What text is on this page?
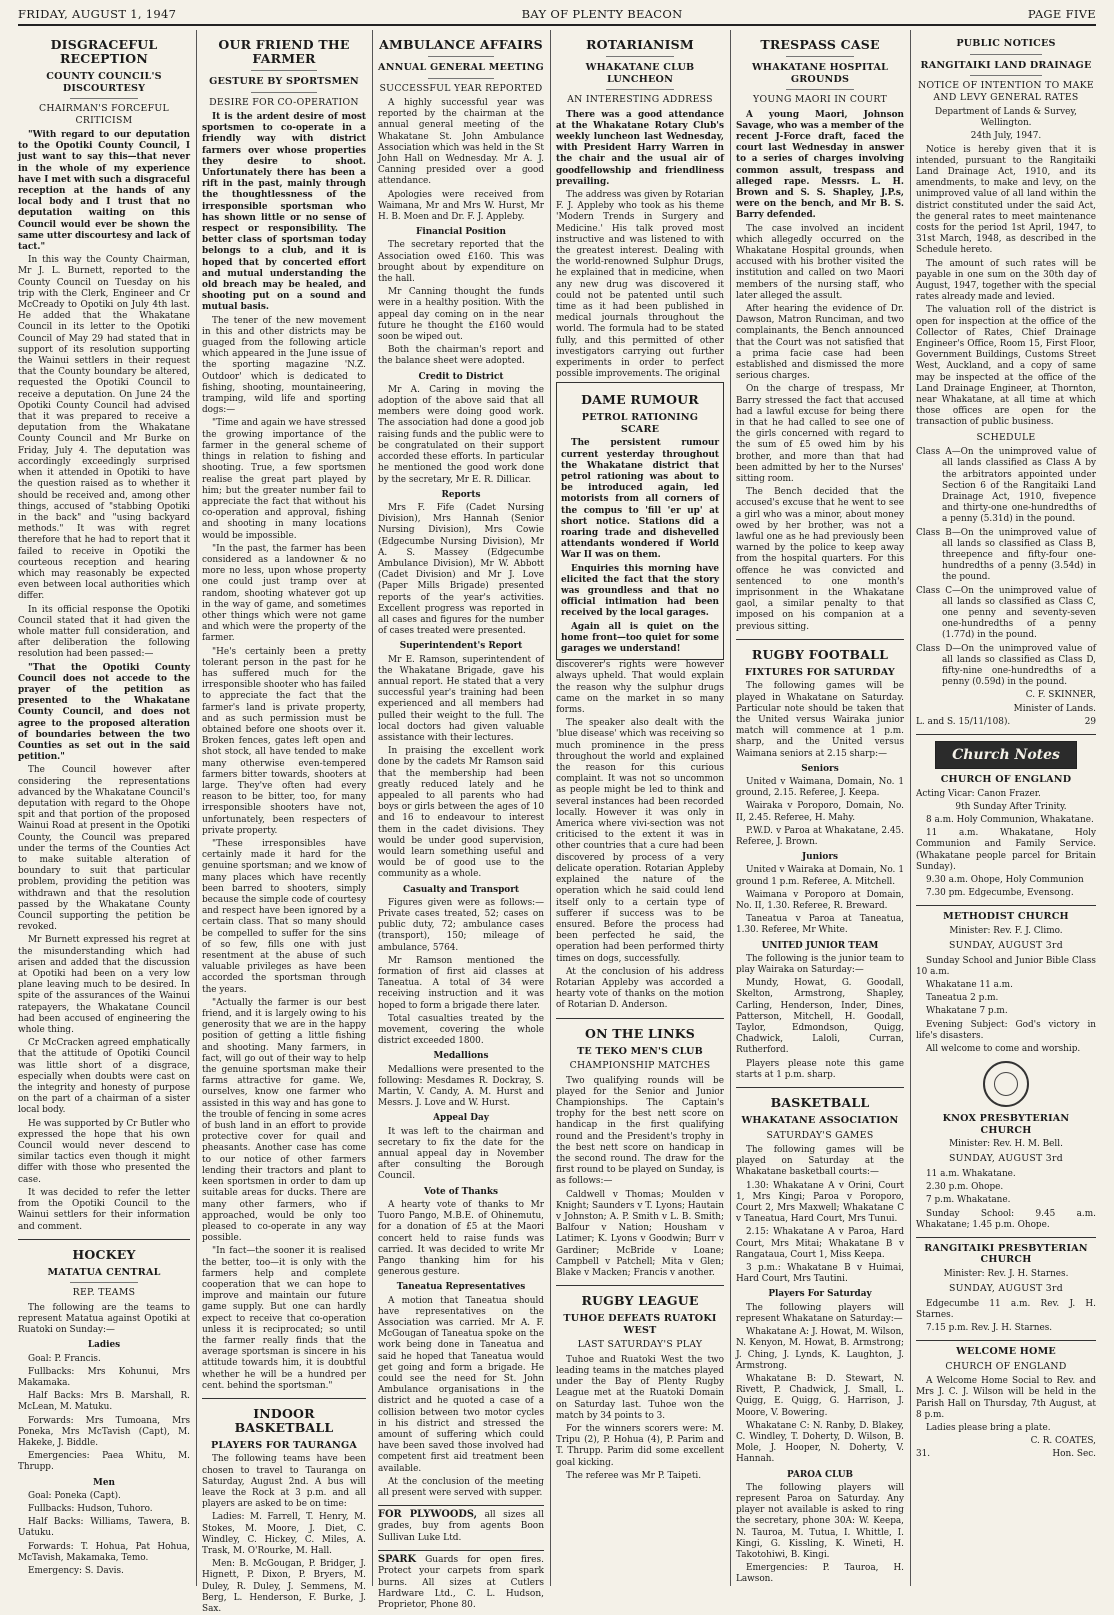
FRIDAY, AUGUST 1, 1947	BAY OF PLENTY BEACON	PAGE FIVE
DISGRACEFUL RECEPTION
COUNTY COUNCIL'S DISCOURTESY
CHAIRMAN'S FORCEFUL CRITICISM

"With regard to our deputation to the Opotiki County Council, I just want to say this—that never in the whole of my experience have I met with such a disgraceful reception at the hands of any local body and I trust that no deputation waiting on this Council would ever be shown the same utter discourtesy and lack of tact."

In this way the County Chairman, Mr J. L. Burnett, reported to the County Council on Tuesday on his trip with the Clerk, Engineer and Cr McCready to Opotiki on July 4th last. He added that the Whakatane Council in its letter to the Opotiki Council of May 29 had stated that in support of its resolution supporting the Wainui settlers in their request that the County boundary be altered, requested the Opotiki Council to receive a deputation. On June 24 the Opotiki County Council had advised that it was prepared to receive a deputation from the Whakatane County Council and Mr Burke on Friday, July 4. The deputation was accordingly exceedingly surprised when it attended in Opotiki to have the question raised as to whether it should be received and, among other things, accused of "stabbing Opotiki in the back" and "using backyard methods." It was with regret therefore that he had to report that it failed to receive in Opotiki the courteous reception and hearing which may reasonably be expected even between local authorities which differ.

In its official response the Opotiki Council stated that it had given the whole matter full consideration, and after deliberation the following resolution had been passed:—

"That the Opotiki County Council does not accede to the prayer of the petition as presented to the Whakatane County Council, and does not agree to the proposed alteration of boundaries between the two Counties as set out in the said petition."

The Council however after considering the representations advanced by the Whakatane Council's deputation with regard to the Ohope spit and that portion of the proposed Wainui Road at present in the Opotiki County, the Council was prepared under the terms of the Counties Act to make suitable alteration of boundary to suit that particular problem, providing the petition was withdrawn and that the resolution passed by the Whakatane County Council supporting the petition be revoked.

Mr Burnett expressed his regret at the misunderstanding which had arisen and added that the discussion at Opotiki had been on a very low plane leaving much to be desired. In spite of the assurances of the Wainui ratepayers, the Whakatane Council had been accused of engineering the whole thing.

Cr McCracken agreed emphatically that the attitude of Opotiki Council was little short of a disgrace, especially when doubts were cast on the integrity and honesty of purpose on the part of a chairman of a sister local body.

He was supported by Cr Butler who expressed the hope that his own Council would never descend to similar tactics even though it might differ with those who presented the case.

It was decided to refer the letter from the Opotiki Council to the Wainui settlers for their information and comment.

HOCKEY
MATATUA CENTRAL
REP. TEAMS

The following are the teams to represent Matatua against Opotiki at Ruatoki on Sunday:—

Ladies

Goal: P. Francis.

Fullbacks: Mrs Kohunui, Mrs Makamaka.

Half Backs: Mrs B. Marshall, R. McLean, M. Matuku.

Forwards: Mrs Tumoana, Mrs Poneka, Mrs McTavish (Capt), M. Hakeke, J. Biddle.

Emergencies: Paea Whitu, M. Thrupp.

Men

Goal: Poneka (Capt).

Fullbacks: Hudson, Tuhoro.

Half Backs: Williams, Tawera, B. Uatuku.

Forwards: T. Hohua, Pat Hohua, McTavish, Makamaka, Temo.

Emergency: S. Davis.

OUR FRIEND THE FARMER
GESTURE BY SPORTSMEN
DESIRE FOR CO-OPERATION

It is the ardent desire of most sportsmen to co-operate in a friendly way with district farmers over whose properties they desire to shoot. Unfortunately there has been a rift in the past, mainly through the thoughtlessness of the irresponsible sportsman who has shown little or no sense of respect or responsibility. The better class of sportsman today belongs to a club, and it is hoped that by concerted effort and mutual understanding the old breach may be healed, and shooting put on a sound and mutual basis.

The tener of the new movement in this and other districts may be guaged from the following article which appeared in the June issue of the sporting magazine 'N.Z. Outdoor' which is dedicated to fishing, shooting, mountaineering, tramping, wild life and sporting dogs:—

"Time and again we have stressed the growing importance of the farmer in the general scheme of things in relation to fishing and shooting. True, a few sportsmen realise the great part played by him; but the greater number fail to appreciate the fact that without his co-operation and approval, fishing and shooting in many locations would be impossible.

"In the past, the farmer has been considered as a landowner & no more no less, upon whose property one could just tramp over at random, shooting whatever got up in the way of game, and sometimes other things which were not game and which were the property of the farmer.

"He's certainly been a pretty tolerant person in the past for he has suffered much for the irresponsible shooter who has failed to appreciate the fact that the farmer's land is private property, and as such permission must be obtained before one shoots over it. Broken fences, gates left open and shot stock, all have tended to make many otherwise even-tempered farmers bitter towards, shooters at large. They've often had every reason to be bitter, too, for many irresponsible shooters have not, unfortunately, been respecters of private property.

"These irresponsibles have certainly made it hard for the genuine sportsman; and we know of many places which have recently been barred to shooters, simply because the simple code of courtesy and respect have been ignored by a certain class. That so many should be compelled to suffer for the sins of so few, fills one with just resentment at the abuse of such valuable privileges as have been accorded the sportsman through the years.

"Actually the farmer is our best friend, and it is largely owing to his generosity that we are in the happy position of getting a little fishing and shooting. Many farmers, in fact, will go out of their way to help the genuine sportsman make their farms attractive for game. We, ourselves, know one farmer who assisted in this way and has gone to the trouble of fencing in some acres of bush land in an effort to provide protective cover for quail and pheasants. Another case has come to our notice of other farmers lending their tractors and plant to keen sportsmen in order to dam up suitable areas for ducks. There are many other farmers, who if approached, would be only too pleased to co-operate in any way possible.

"In fact—the sooner it is realised the better, too—it is only with the farmers help and complete cooperation that we can hope to improve and maintain our future game supply. But one can hardly expect to receive that co-operation unless it is reciprocated; so until the farmer really finds that the average sportsman is sincere in his attitude towards him, it is doubtful whether he will be a hundred per cent. behind the sportsman."

INDOOR BASKETBALL
PLAYERS FOR TAURANGA

The following teams have been chosen to travel to Tauranga on Saturday, August 2nd. A bus will leave the Rock at 3 p.m. and all players are asked to be on time:

Ladies: M. Farrell, T. Henry, M. Stokes, M. Moore, J. Diet, C. Windley, C. Hickey, C. Miles, A. Trask, M. O'Rourke, M. Hall.

Men: B. McGougan, P. Bridger, J. Hignett, P. Dixon, P. Bryers, M. Duley, R. Duley, J. Semmens, M. Berg, L. Henderson, F. Burke, J. Sax.

AMBULANCE AFFAIRS
ANNUAL GENERAL MEETING
SUCCESSFUL YEAR REPORTED

A highly successful year was reported by the chairman at the annual general meeting of the Whakatane St. John Ambulance Association which was held in the St John Hall on Wednesday. Mr A. J. Canning presided over a good attendance.

Apologies were received from Waimana, Mr and Mrs W. Hurst, Mr H. B. Moen and Dr. F. J. Appleby.

Financial Position

The secretary reported that the Association owed £160. This was brought about by expenditure on the hall.

Mr Canning thought the funds were in a healthy position. With the appeal day coming on in the near future he thought the £160 would soon be wiped out.

Both the chairman's report and the balance sheet were adopted.

Credit to District

Mr A. Caring in moving the adoption of the above said that all members were doing good work. The association had done a good job raising funds and the public were to be congratulated on their support accorded these efforts. In particular he mentioned the good work done by the secretary, Mr E. R. Dillicar.

Reports

Mrs F. Fife (Cadet Nursing Division), Mrs Hannah (Senior Nursing Division), Mrs Cowie (Edgecumbe Nursing Division), Mr A. S. Massey (Edgecumbe Ambulance Division), Mr W. Abbott (Cadet Division) and Mr J. Love (Paper Mills Brigade) presented reports of the year's activities. Excellent progress was reported in all cases and figures for the number of cases treated were presented.

Superintendent's Report

Mr E. Ramson, superintendent of the Whakatane Brigade, gave his annual report. He stated that a very successful year's training had been experienced and all members had pulled their weight to the full. The local doctors had given valuable assistance with their lectures.

In praising the excellent work done by the cadets Mr Ramson said that the membership had been greatly reduced lately and he appealed to all parents who had boys or girls between the ages of 10 and 16 to endeavour to interest them in the cadet divisions. They would be under good supervision, would learn something useful and would be of good use to the community as a whole.

Casualty and Transport

Figures given were as follows:—Private cases treated, 52; cases on public duty, 72; ambulance cases (transport), 150; mileage of ambulance, 5764.

Mr Ramson mentioned the formation of first aid classes at Taneatua. A total of 34 were receiving instruction and it was hoped to form a brigade there later.

Total casualties treated by the movement, covering the whole district exceeded 1800.

Medallions

Medallions were presented to the following: Mesdames R. Dockray, S. Martin, V. Candy, A. M. Hurst and Messrs. J. Love and W. Hurst.

Appeal Day

It was left to the chairman and secretary to fix the date for the annual appeal day in November after consulting the Borough Council.

Vote of Thanks

A hearty vote of thanks to Mr Tuoro Pango, M.B.E. of Ohinemutu, for a donation of £5 at the Maori concert held to raise funds was carried. It was decided to write Mr Pango thanking him for his generous gesture.

Taneatua Representatives

A motion that Taneatua should have representatives on the Association was carried. Mr A. F. McGougan of Taneatua spoke on the work being done in Taneatua and said he hoped that Taneatua would get going and form a brigade. He could see the need for St. John Ambulance organisations in the district and he quoted a case of a collision between two motor cycles in his district and stressed the amount of suffering which could have been saved those involved had competent first aid treatment been available.

At the conclusion of the meeting all present were served with supper.

FOR PLYWOODS, all sizes all grades, buy from agents Boon Sullivan Luke Ltd.
SPARK Guards for open fires. Protect your carpets from spark burns. All sizes at Cutlers Hardware Ltd., C. L. Hudson, Proprietor, Phone 80.
ROTARIANISM
WHAKATANE CLUB LUNCHEON
AN INTERESTING ADDRESS

There was a good attendance at the Whakatane Rotary Club's weekly luncheon last Wednesday, with President Harry Warren in the chair and the usual air of goodfellowship and friendliness prevailing.

The address was given by Rotarian F. J. Appleby who took as his theme 'Modern Trends in Surgery and Medicine.' His talk proved most instructive and was listened to with the greatest interest. Dealing with the world-renowned Sulphur Drugs, he explained that in medicine, when any new drug was discovered it could not be patented until such time as it had been published in medical journals throughout the world. The formula had to be stated fully, and this permitted of other investigators carrying out further experiments in order to perfect possible improvements. The original

DAME RUMOUR
PETROL RATIONING SCARE

The persistent rumour current yesterday throughout the Whakatane district that petrol rationing was about to be introduced again, led motorists from all corners of the compus to 'fill 'er up' at short notice. Stations did a roaring trade and dishevelled attendants wondered if World War II was on them.

Enquiries this morning have elicited the fact that the story was groundless and that no official intimation had been received by the local garages.

Again all is quiet on the home front—too quiet for some garages we understand!

discoverer's rights were however always upheld. That would explain the reason why the sulphur drugs came on the market in so many forms.

The speaker also dealt with the 'blue disease' which was receiving so much prominence in the press throughout the world and explained the reason for this curious complaint. It was not so uncommon as people might be led to think and several instances had been recorded locally. However it was only in America where vivi-section was not criticised to the extent it was in other countries that a cure had been discovered by process of a very delicate operation. Rotarian Appleby explained the nature of the operation which he said could lend itself only to a certain type of sufferer if success was to be ensured. Before the process had been perfected he said, the operation had been performed thirty times on dogs, successfully.

At the conclusion of his address Rotarian Appleby was accorded a hearty vote of thanks on the motion of Rotarian D. Anderson.

ON THE LINKS
TE TEKO MEN'S CLUB
CHAMPIONSHIP MATCHES

Two qualifying rounds will be played for the Senior and Junior Championships. The Captain's trophy for the best nett score on handicap in the first qualifying round and the President's trophy in the best nett score on handicap in the second round. The draw for the first round to be played on Sunday, is as follows:—

Caldwell v Thomas; Moulden v Knight; Saunders v T. Lyons; Hautain v Johnston; A. P. Smith v L. B. Smith; Balfour v Nation; Housham v Latimer; K. Lyons v Goodwin; Burr v Gardiner; McBride v Loane; Campbell v Patchell; Mita v Glen; Blake v Macken; Francis v another.

RUGBY LEAGUE
TUHOE DEFEATS RUATOKI WEST
LAST SATURDAY'S PLAY

Tuhoe and Ruatoki West the two leading teams in the matches played under the Bay of Plenty Rugby League met at the Ruatoki Domain on Saturday last. Tuhoe won the match by 34 points to 3.

For the winners scorers were: M. Tripu (2), P. Hohua (4), P. Parim and T. Thrupp. Parim did some excellent goal kicking.

The referee was Mr P. Taipeti.

TRESPASS CASE
WHAKATANE HOSPITAL GROUNDS
YOUNG MAORI IN COURT

A young Maori, Johnson Savage, who was a member of the recent J-Force draft, faced the court last Wednesday in answer to a series of charges involving common assult, trespass and alleged rape. Messrs. L. H. Brown and S. S. Shapley, J.P.s, were on the bench, and Mr B. S. Barry defended.

The case involved an incident which allegedly occurred on the Whakatane Hospital grounds, when accused with his brother visited the institution and called on two Maori members of the nursing staff, who later alleged the assult.

After hearing the evidence of Dr. Dawson, Matron Runciman, and two complainants, the Bench announced that the Court was not satisfied that a prima facie case had been established and dismissed the more serious charges.

On the charge of trespass, Mr Barry stressed the fact that accused had a lawful excuse for being there in that he had called to see one of the girls concerned with regard to the sum of £5 owed him by his brother, and more than that had been admitted by her to the Nurses' sitting room.

The Bench decided that the accused's excuse that he went to see a girl who was a minor, about money owed by her brother, was not a lawful one as he had previously been warned by the police to keep away from the hospital quarters. For this offence he was convicted and sentenced to one month's imprisonment in the Whakatane gaol, a similar penalty to that imposed on his companion at a previous sitting.

RUGBY FOOTBALL
FIXTURES FOR SATURDAY

The following games will be played in Whakatane on Saturday. Particular note should be taken that the United versus Wairaka junior match will commence at 1 p.m. sharp, and the United versus Waimana seniors at 2.15 sharp:—

Seniors

United v Waimana, Domain, No. 1 ground, 2.15. Referee, J. Keepa.

Wairaka v Poroporo, Domain, No. II, 2.45. Referee, H. Mahy.

P.W.D. v Paroa at Whakatane, 2.45. Referee, J. Brown.

Juniors

United v Wairaka at Domain, No. 1 ground 1 p.m. Referee, A. Mitchell.

Waimana v Poroporo at Domain, No. II, 1.30. Referee, R. Breward.

Taneatua v Paroa at Taneatua, 1.30. Referee, Mr White.

UNITED JUNIOR TEAM

The following is the junior team to play Wairaka on Saturday:—

Mundy, Howat, G. Goodall, Skelton, Armstrong, Shapley, Carling, Henderson, Inder, Dines, Patterson, Mitchell, H. Goodall, Taylor, Edmondson, Quigg, Chadwick, Laloli, Curran, Rutherford.

Players please note this game starts at 1 p.m. sharp.

BASKETBALL
WHAKATANE ASSOCIATION
SATURDAY'S GAMES

The following games will be played on Saturday at the Whakatane basketball courts:—

1.30: Whakatane A v Orini, Court 1, Mrs Kingi; Paroa v Poroporo, Court 2, Mrs Maxwell; Whakatane C v Taneatua, Hard Court, Mrs Tunui.

2.15: Whakatane A v Paroa, Hard Court, Mrs Mitai; Whakatane B v Rangataua, Court 1, Miss Keepa.

3 p.m.: Whakatane B v Huimai, Hard Court, Mrs Tautini.

Players For Saturday

The following players will represent Whakatane on Saturday:—

Whakatane A: J. Howat, M. Wilson, N. Kenyon, M. Howat, B. Armstrong; J. Ching, J. Lynds, K. Laughton, J. Armstrong.

Whakatane B: D. Stewart, N. Rivett, P. Chadwick, J. Small, L. Quigg, E. Quigg, G. Harrison, J. Moore, V. Bowering.

Whakatane C: N. Ranby, D. Blakey, C. Windley, T. Doherty, D. Wilson, B. Mole, J. Hooper, N. Doherty, V. Hannah.

PAROA CLUB

The following players will represent Paroa on Saturday. Any player not available is asked to ring the secretary, phone 30A: W. Keepa, N. Tauroa, M. Tutua, I. Whittle, I. Kingi, G. Kissling, K. Wineti, H. Takotohiwi, B. Kingi.

Emergencies: P. Tauroa, H. Lawson.

PUBLIC NOTICES
RANGITAIKI LAND DRAINAGE
NOTICE OF INTENTION TO MAKE AND LEVY GENERAL RATES

Department of Lands & Survey, Wellington.

24th July, 1947.

Notice is hereby given that it is intended, pursuant to the Rangitaiki Land Drainage Act, 1910, and its amendments, to make and levy, on the unimproved value of all land within the district constituted under the said Act, the general rates to meet maintenance costs for the period 1st April, 1947, to 31st March, 1948, as described in the Schedule hereto.

The amount of such rates will be payable in one sum on the 30th day of August, 1947, together with the special rates already made and levied.

The valuation roll of the district is open for inspection at the office of the Collector of Rates, Chief Drainage Engineer's Office, Room 15, First Floor, Government Buildings, Customs Street West, Auckland, and a copy of same may be inspected at the office of the Land Drainage Engineer, at Thornton, near Whakatane, at all time at which those offices are open for the transaction of public business.

SCHEDULE

Class A—On the unimproved value of all lands classified as Class A by the arbitrators appointed under Section 6 of the Rangitaiki Land Drainage Act, 1910, fivepence and thirty-one one-hundredths of a penny (5.31d) in the pound.

Class B—On the unimproved value of all lands so classified as Class B, threepence and fifty-four one-hundredths of a penny (3.54d) in the pound.

Class C—On the unimproved value of all lands so classified as Class C, one penny and seventy-seven one-hundredths of a penny (1.77d) in the pound.

Class D—On the unimproved value of all lands so classified as Class D, fifty-nine one-hundredths of a penny (0.59d) in the pound.

C. F. SKINNER,

Minister of Lands.

L. and S. 15/11/108).	29
Church Notes
CHURCH OF ENGLAND

Acting Vicar: Canon Frazer.

9th Sunday After Trinity.

8 a.m. Holy Communion, Whakatane.

11 a.m. Whakatane, Holy Communion and Family Service. (Whakatane people parcel for Britain Sunday).

9.30 a.m. Ohope, Holy Communion

7.30 pm. Edgecumbe, Evensong.

METHODIST CHURCH

Minister: Rev. F. J. Climo.

SUNDAY, AUGUST 3rd

Sunday School and Junior Bible Class 10 a.m.

Whakatane 11 a.m.

Taneatua 2 p.m.

Whakatane 7 p.m.

Evening Subject: God's victory in life's disasters.

All welcome to come and worship.

KNOX PRESBYTERIAN CHURCH

Minister: Rev. H. M. Bell.

SUNDAY, AUGUST 3rd

11 a.m. Whakatane.

2.30 p.m. Ohope.

7 p.m. Whakatane.

Sunday School: 9.45 a.m. Whakatane; 1.45 p.m. Ohope.

RANGITAIKI PRESBYTERIAN CHURCH

Minister: Rev. J. H. Starnes.

SUNDAY, AUGUST 3rd

Edgecumbe 11 a.m. Rev. J. H. Starnes.

7.15 p.m. Rev. J. H. Starnes.

WELCOME HOME
CHURCH OF ENGLAND

A Welcome Home Social to Rev. and Mrs J. C. J. Wilson will be held in the Parish Hall on Thursday, 7th August, at 8 p.m.

Ladies please bring a plate.

C. R. COATES,

31.	Hon. Sec.
